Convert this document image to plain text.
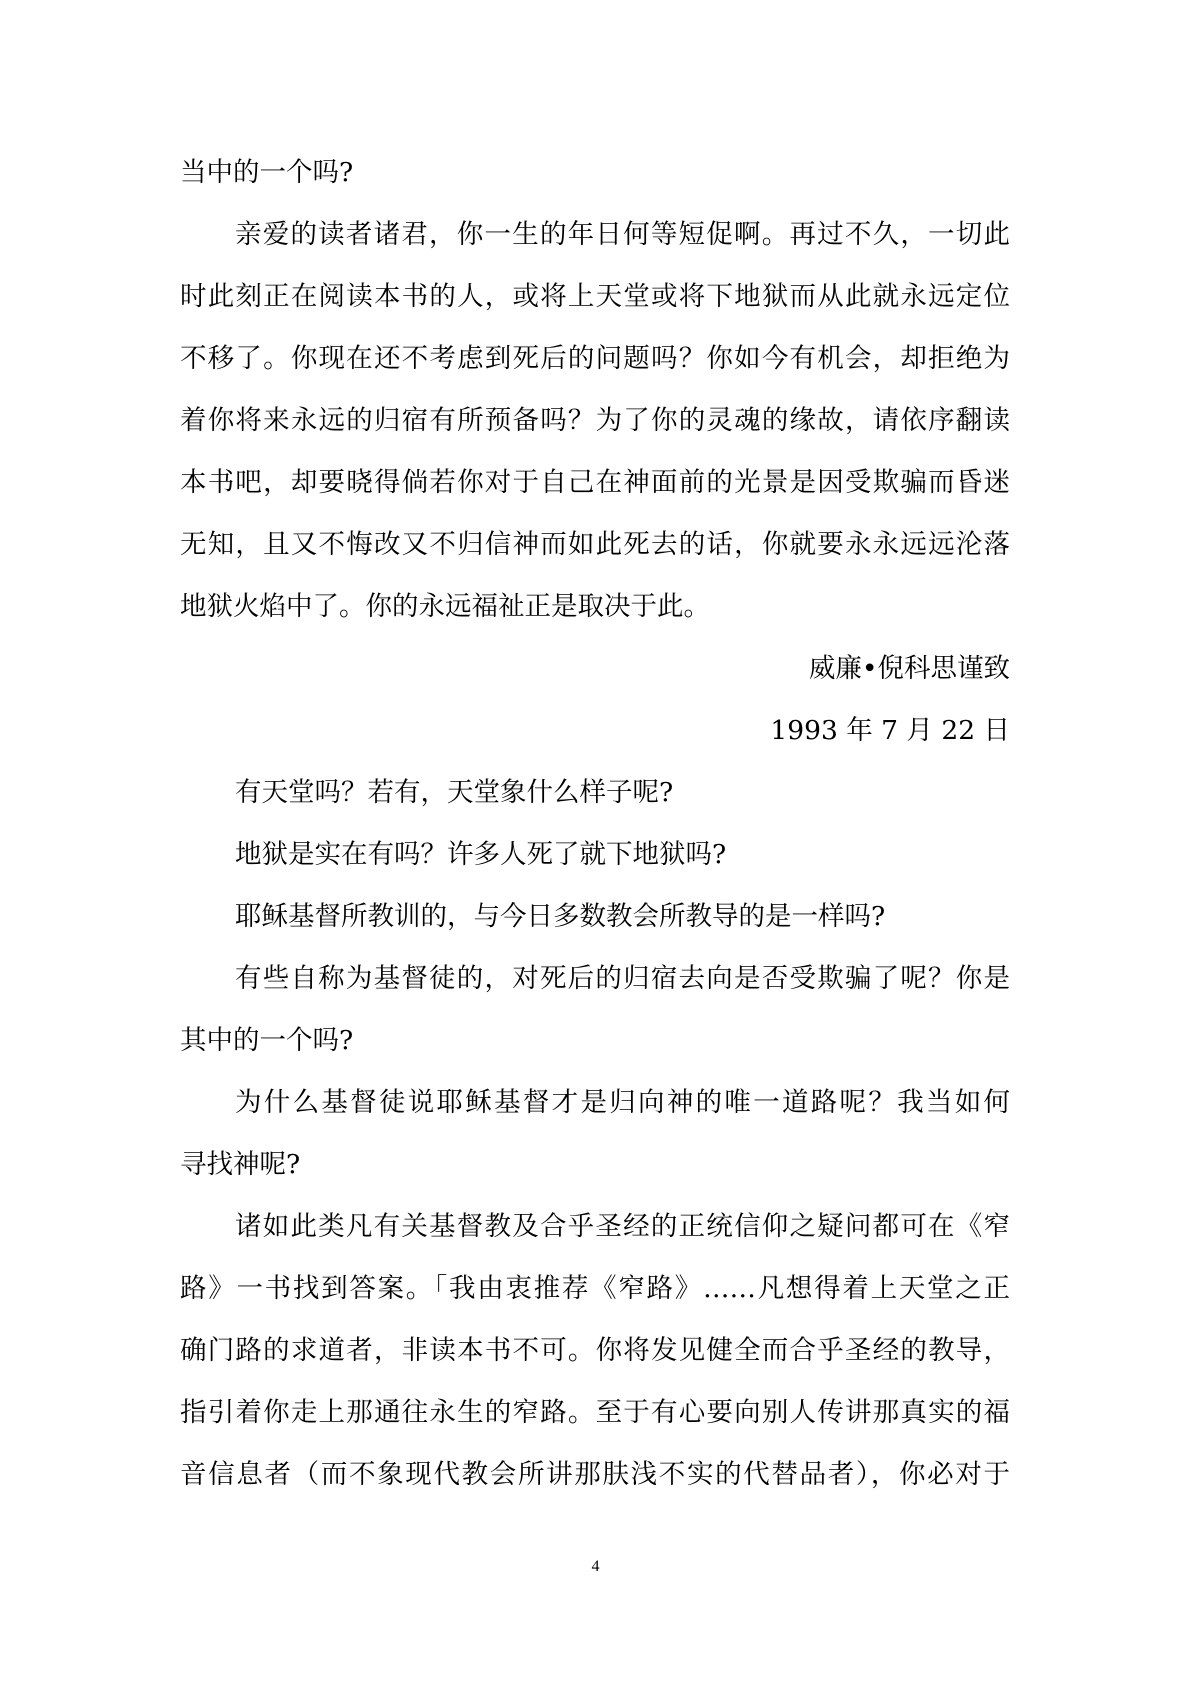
当中的一个吗?

亲爱的读者诸君，你一生的年日何等短促啊。再过不久，一切此

时此刻正在阅读本书的人，或将上天堂或将下地狱而从此就永远定位

不移了。你现在还不考虑到死后的问题吗？你如今有机会，却拒绝为

着你将来永远的归宿有所预备吗？为了你的灵魂的缘故，请依序翻读

本书吧，却要晓得倘若你对于自己在神面前的光景是因受欺骗而昏迷

无知，且又不悔改又不归信神而如此死去的话，你就要永永远远沦落

地狱火焰中了。你的永远福祉正是取决于此。

威廉•倪科思谨致

1993 年 7 月 22 日

有天堂吗？若有，天堂象什么样子呢?

地狱是实在有吗？许多人死了就下地狱吗?

耶稣基督所教训的，与今日多数教会所教导的是一样吗?

有些自称为基督徒的，对死后的归宿去向是否受欺骗了呢？你是

其中的一个吗?

为什么基督徒说耶稣基督才是归向神的唯一道路呢？我当如何

寻找神呢?

诸如此类凡有关基督教及合乎圣经的正统信仰之疑问都可在《窄

路》一书找到答案。「我由衷推荐《窄路》……凡想得着上天堂之正

确门路的求道者，非读本书不可。你将发见健全而合乎圣经的教导，

指引着你走上那通往永生的窄路。至于有心要向别人传讲那真实的福

音信息者（而不象现代教会所讲那肤浅不实的代替品者），你必对于

4
